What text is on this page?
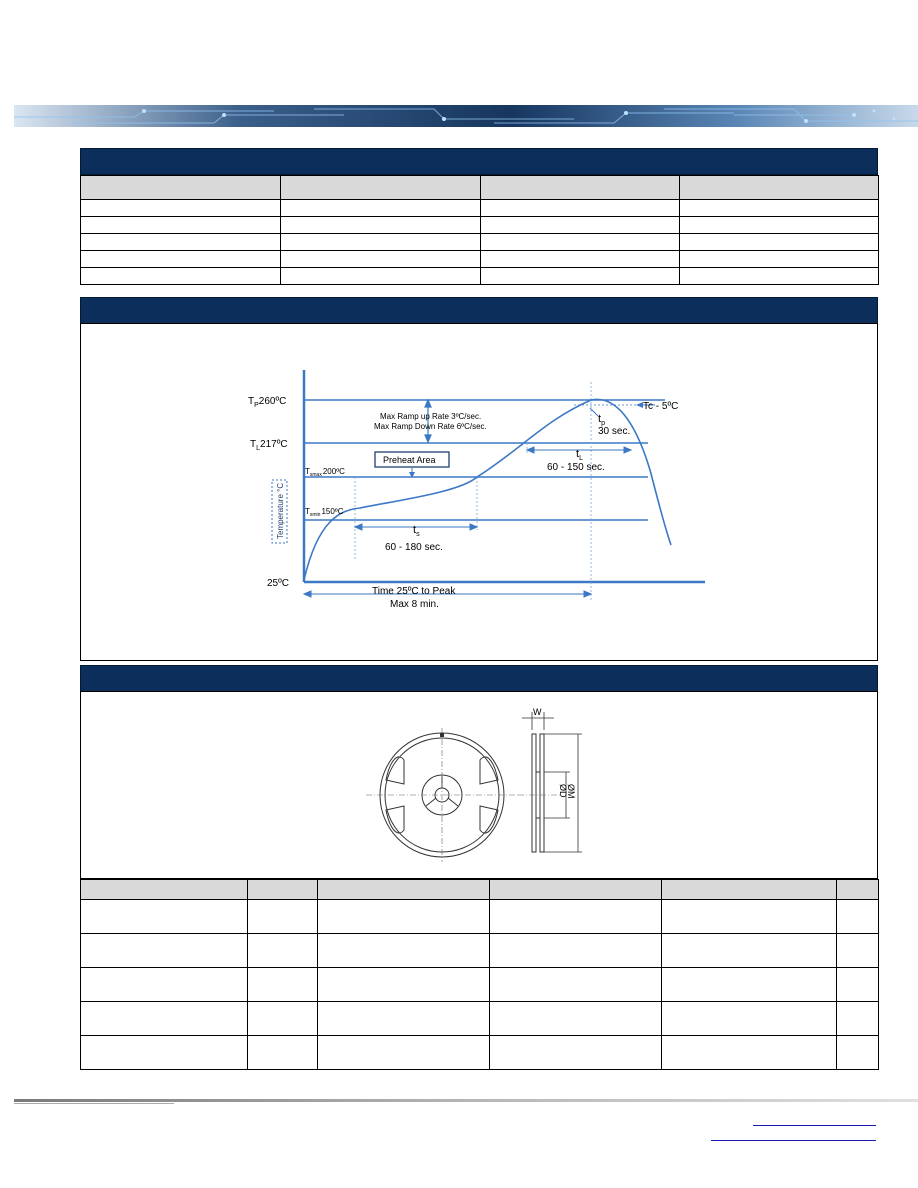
$T_P260ºC$
$T_L217ºC$
$T_{smax}200ºC$
$T_{smin}150ºC$
25ºC
Temperature °C
Max Ramp up Rate 3ºC/sec.
Max Ramp Down Rate 6ºC/sec.
Preheat Area
Tc - 5ºC
$t_p$
30 sec.
$t_L$
60 - 150 sec.
$t_s$
60 - 180 sec.
Time 25ºC to Peak
Max 8 min.
W
ØD
ØM
